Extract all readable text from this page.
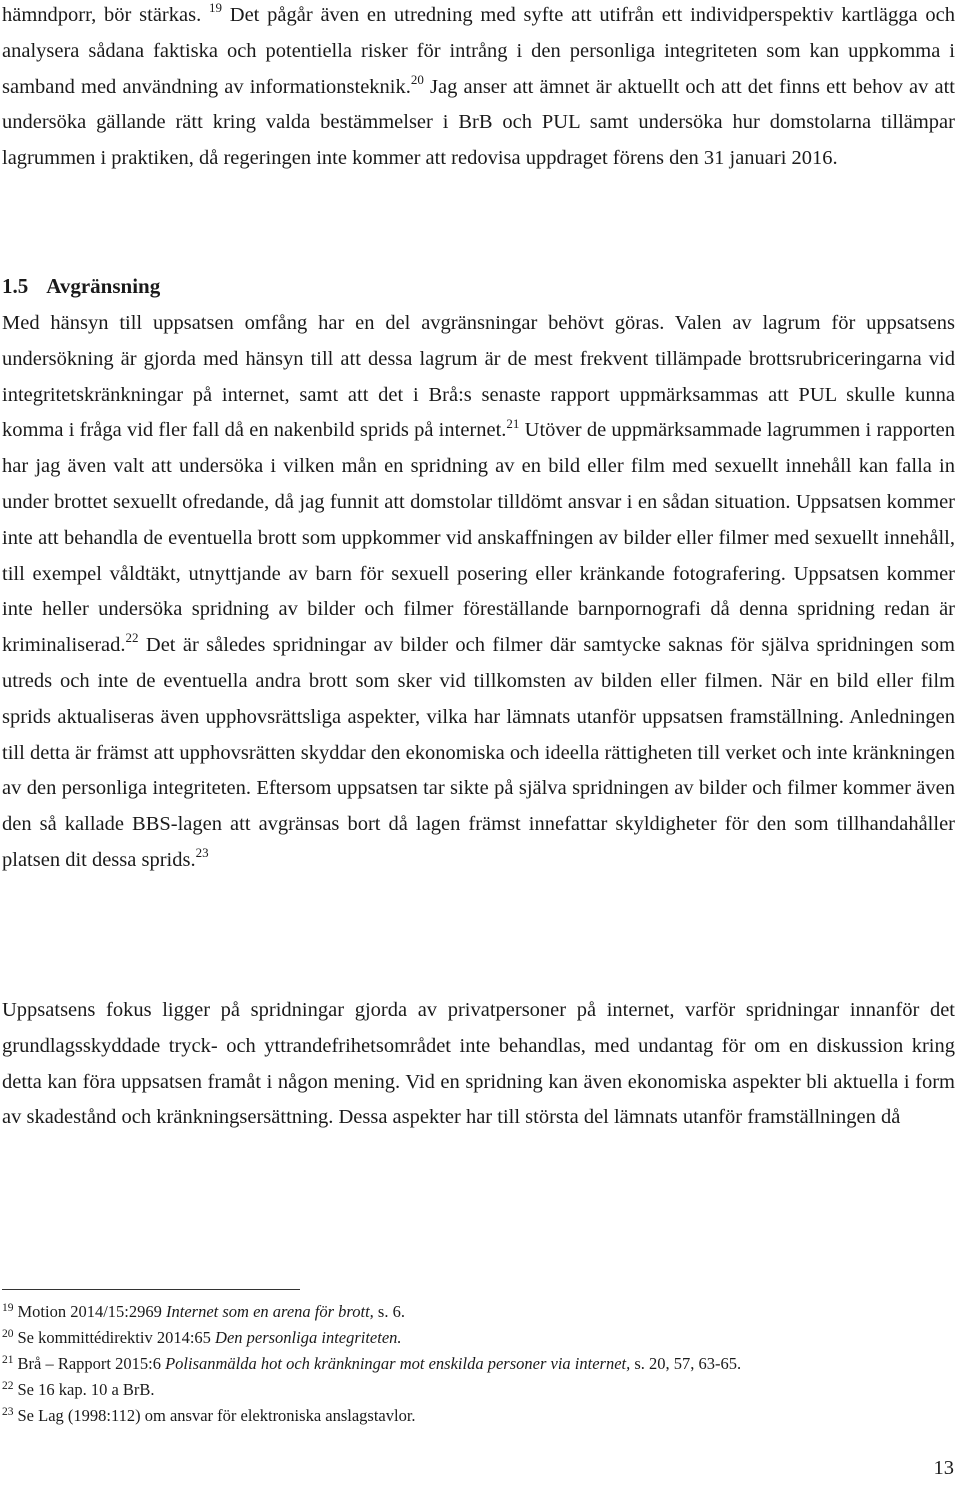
hämndporr, bör stärkas. $^{19}$ Det pågår även en utredning med syfte att utifrån ett individperspektiv kartlägga och analysera sådana faktiska och potentiella risker för intrång i den personliga integriteten som kan uppkomma i samband med användning av informationsteknik.$^{20}$ Jag anser att ämnet är aktuellt och att det finns ett behov av att undersöka gällande rätt kring valda bestämmelser i BrB och PUL samt undersöka hur domstolarna tillämpar lagrummen i praktiken, då regeringen inte kommer att redovisa uppdraget förens den 31 januari 2016.

1.5 Avgränsning

Med hänsyn till uppsatsen omfång har en del avgränsningar behövt göras. Valen av lagrum för uppsatsens undersökning är gjorda med hänsyn till att dessa lagrum är de mest frekvent tillämpade brottsrubriceringarna vid integritetskränkningar på internet, samt att det i Brå:s senaste rapport uppmärksammas att PUL skulle kunna komma i fråga vid fler fall då en nakenbild sprids på internet.$^{21}$ Utöver de uppmärksammade lagrummen i rapporten har jag även valt att undersöka i vilken mån en spridning av en bild eller film med sexuellt innehåll kan falla in under brottet sexuellt ofredande, då jag funnit att domstolar tilldömt ansvar i en sådan situation. Uppsatsen kommer inte att behandla de eventuella brott som uppkommer vid anskaffningen av bilder eller filmer med sexuellt innehåll, till exempel våldtäkt, utnyttjande av barn för sexuell posering eller kränkande fotografering. Uppsatsen kommer inte heller undersöka spridning av bilder och filmer föreställande barnpornografi då denna spridning redan är kriminaliserad.$^{22}$ Det är således spridningar av bilder och filmer där samtycke saknas för själva spridningen som utreds och inte de eventuella andra brott som sker vid tillkomsten av bilden eller filmen. När en bild eller film sprids aktualiseras även upphovsrättsliga aspekter, vilka har lämnats utanför uppsatsen framställning. Anledningen till detta är främst att upphovsrätten skyddar den ekonomiska och ideella rättigheten till verket och inte kränkningen av den personliga integriteten. Eftersom uppsatsen tar sikte på själva spridningen av bilder och filmer kommer även den så kallade BBS-lagen att avgränsas bort då lagen främst innefattar skyldigheter för den som tillhandahåller platsen dit dessa sprids.$^{23}$

Uppsatsens fokus ligger på spridningar gjorda av privatpersoner på internet, varför spridningar innanför det grundlagsskyddade tryck- och yttrandefrihetsområdet inte behandlas, med undantag för om en diskussion kring detta kan föra uppsatsen framåt i någon mening. Vid en spridning kan även ekonomiska aspekter bli aktuella i form av skadestånd och kränkningsersättning. Dessa aspekter har till största del lämnats utanför framställningen då

$^{19}$ Motion 2014/15:2969 Internet som en arena för brott, s. 6.
$^{20}$ Se kommittédirektiv 2014:65 Den personliga integriteten.
$^{21}$ Brå – Rapport 2015:6 Polisanmälda hot och kränkningar mot enskilda personer via internet, s. 20, 57, 63-65.
$^{22}$ Se 16 kap. 10 a BrB.
$^{23}$ Se Lag (1998:112) om ansvar för elektroniska anslagstavlor.
13
